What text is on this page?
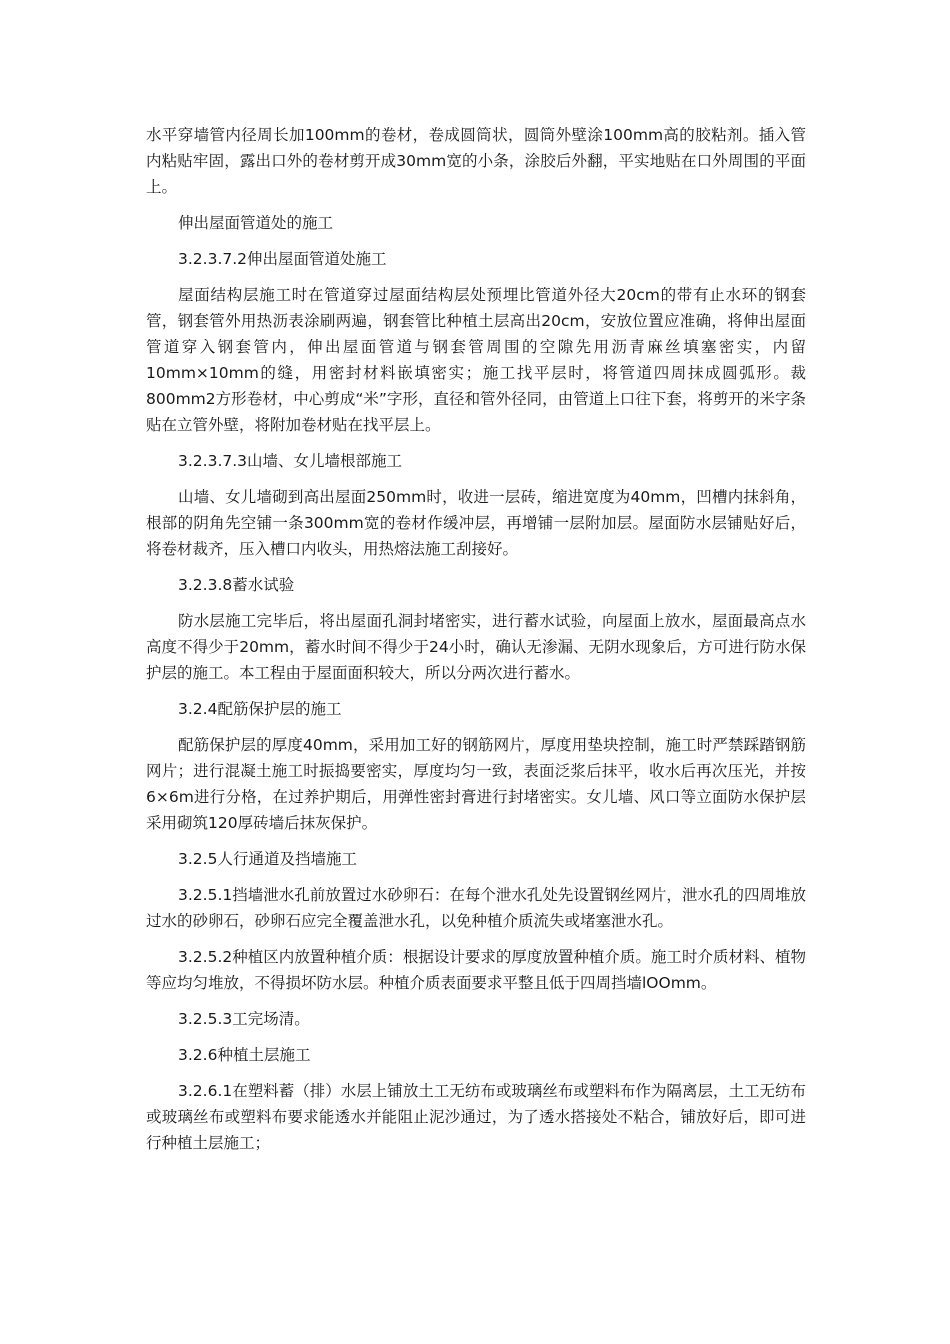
水平穿墙管内径周长加100mm的卷材，卷成圆筒状，圆筒外壁涂100mm高的胶粘剂。插入管内粘贴牢固，露出口外的卷材剪开成30mm宽的小条，涂胶后外翻，平实地贴在口外周围的平面上。

伸出屋面管道处的施工

3.2.3.7.2伸出屋面管道处施工

屋面结构层施工时在管道穿过屋面结构层处预埋比管道外径大20cm的带有止水环的钢套管，钢套管外用热沥表涂刷两遍，钢套管比种植土层高出20cm，安放位置应准确，将伸出屋面管道穿入钢套管内，伸出屋面管道与钢套管周围的空隙先用沥青麻丝填塞密实，内留10mm×10mm的缝，用密封材料嵌填密实；施工找平层时，将管道四周抹成圆弧形。裁800mm2方形卷材，中心剪成“米”字形，直径和管外径同，由管道上口往下套，将剪开的米字条贴在立管外壁，将附加卷材贴在找平层上。

3.2.3.7.3山墙、女儿墙根部施工

山墙、女儿墙砌到高出屋面250mm时，收进一层砖，缩进宽度为40mm，凹槽内抹斜角，根部的阴角先空铺一条300mm宽的卷材作缓冲层，再增铺一层附加层。屋面防水层铺贴好后，将卷材裁齐，压入槽口内收头，用热熔法施工刮接好。

3.2.3.8蓄水试验

防水层施工完毕后，将出屋面孔洞封堵密实，进行蓄水试验，向屋面上放水，屋面最高点水高度不得少于20mm，蓄水时间不得少于24小时，确认无渗漏、无阴水现象后，方可进行防水保护层的施工。本工程由于屋面面积较大，所以分两次进行蓄水。

3.2.4配筋保护层的施工

配筋保护层的厚度40mm，采用加工好的钢筋网片，厚度用垫块控制，施工时严禁踩踏钢筋网片；进行混凝土施工时振捣要密实，厚度均匀一致，表面泛浆后抹平，收水后再次压光，并按6×6m进行分格，在过养护期后，用弹性密封膏进行封堵密实。女儿墙、风口等立面防水保护层采用砌筑120厚砖墙后抹灰保护。

3.2.5人行通道及挡墙施工

3.2.5.1挡墙泄水孔前放置过水砂卵石：在每个泄水孔处先设置钢丝网片，泄水孔的四周堆放过水的砂卵石，砂卵石应完全覆盖泄水孔，以免种植介质流失或堵塞泄水孔。

3.2.5.2种植区内放置种植介质：根据设计要求的厚度放置种植介质。施工时介质材料、植物等应均匀堆放，不得损坏防水层。种植介质表面要求平整且低于四周挡墙lOOmm。

3.2.5.3工完场清。

3.2.6种植土层施工

3.2.6.1在塑料蓄（排）水层上铺放土工无纺布或玻璃丝布或塑料布作为隔离层，土工无纺布或玻璃丝布或塑料布要求能透水并能阻止泥沙通过，为了透水搭接处不粘合，铺放好后，即可进行种植土层施工；
